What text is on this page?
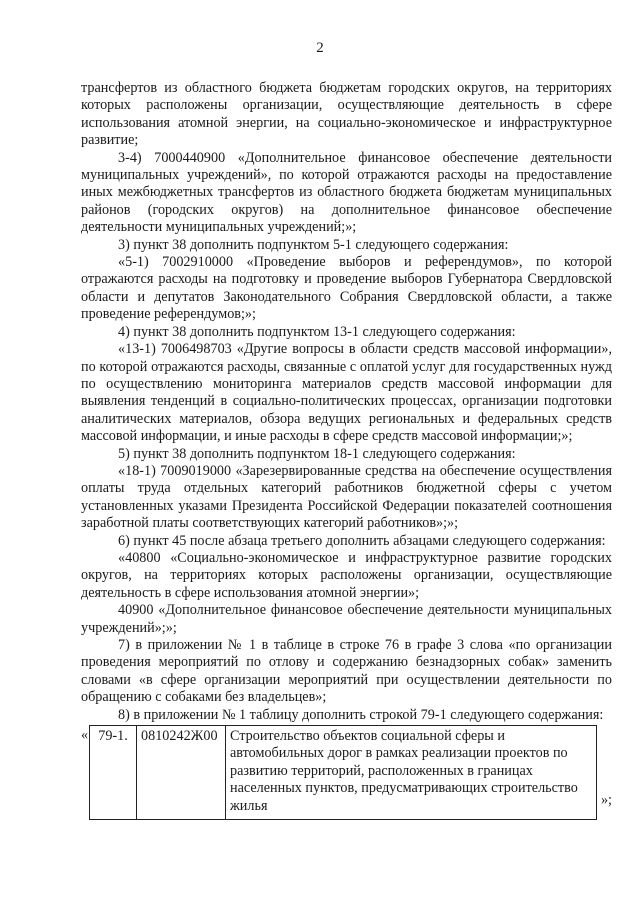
2

трансфертов из областного бюджета бюджетам городских округов, на территориях которых расположены организации, осуществляющие деятельность в сфере использования атомной энергии, на социально-экономическое и инфраструктурное развитие;

3-4) 7000440900 «Дополнительное финансовое обеспечение деятельности муниципальных учреждений», по которой отражаются расходы на предоставление иных межбюджетных трансфертов из областного бюджета бюджетам муниципальных районов (городских округов) на дополнительное финансовое обеспечение деятельности муниципальных учреждений;»;

3) пункт 38 дополнить подпунктом 5-1 следующего содержания:

«5-1) 7002910000 «Проведение выборов и референдумов», по которой отражаются расходы на подготовку и проведение выборов Губернатора Свердловской области и депутатов Законодательного Собрания Свердловской области, а также проведение референдумов;»;

4) пункт 38 дополнить подпунктом 13-1 следующего содержания:

«13-1) 7006498703 «Другие вопросы в области средств массовой информации», по которой отражаются расходы, связанные с оплатой услуг для государственных нужд по осуществлению мониторинга материалов средств массовой информации для выявления тенденций в социально-политических процессах, организации подготовки аналитических материалов, обзора ведущих региональных и федеральных средств массовой информации, и иные расходы в сфере средств массовой информации;»;

5) пункт 38 дополнить подпунктом 18-1 следующего содержания:

«18-1) 7009019000 «Зарезервированные средства на обеспечение осуществления оплаты труда отдельных категорий работников бюджетной сферы с учетом установленных указами Президента Российской Федерации показателей соотношения заработной платы соответствующих категорий работников»;»;

6) пункт 45 после абзаца третьего дополнить абзацами следующего содержания:

«40800 «Социально-экономическое и инфраструктурное развитие городских округов, на территориях которых расположены организации, осуществляющие деятельность в сфере использования атомной энергии»;

40900 «Дополнительное финансовое обеспечение деятельности муниципальных учреждений»;»;

7) в приложении № 1 в таблице в строке 76 в графе 3 слова «по организации проведения мероприятий по отлову и содержанию безнадзорных собак» заменить словами «в сфере организации мероприятий при осуществлении деятельности по обращению с собаками без владельцев»;

8) в приложении № 1 таблицу дополнить строкой 79-1 следующего содержания:

« 79-1.	0810242Ж00	Строительство объектов социальной сферы и автомобильных дорог в рамках реализации проектов по развитию территорий, расположенных в границах населенных пунктов, предусматривающих строительство жилья	»;
